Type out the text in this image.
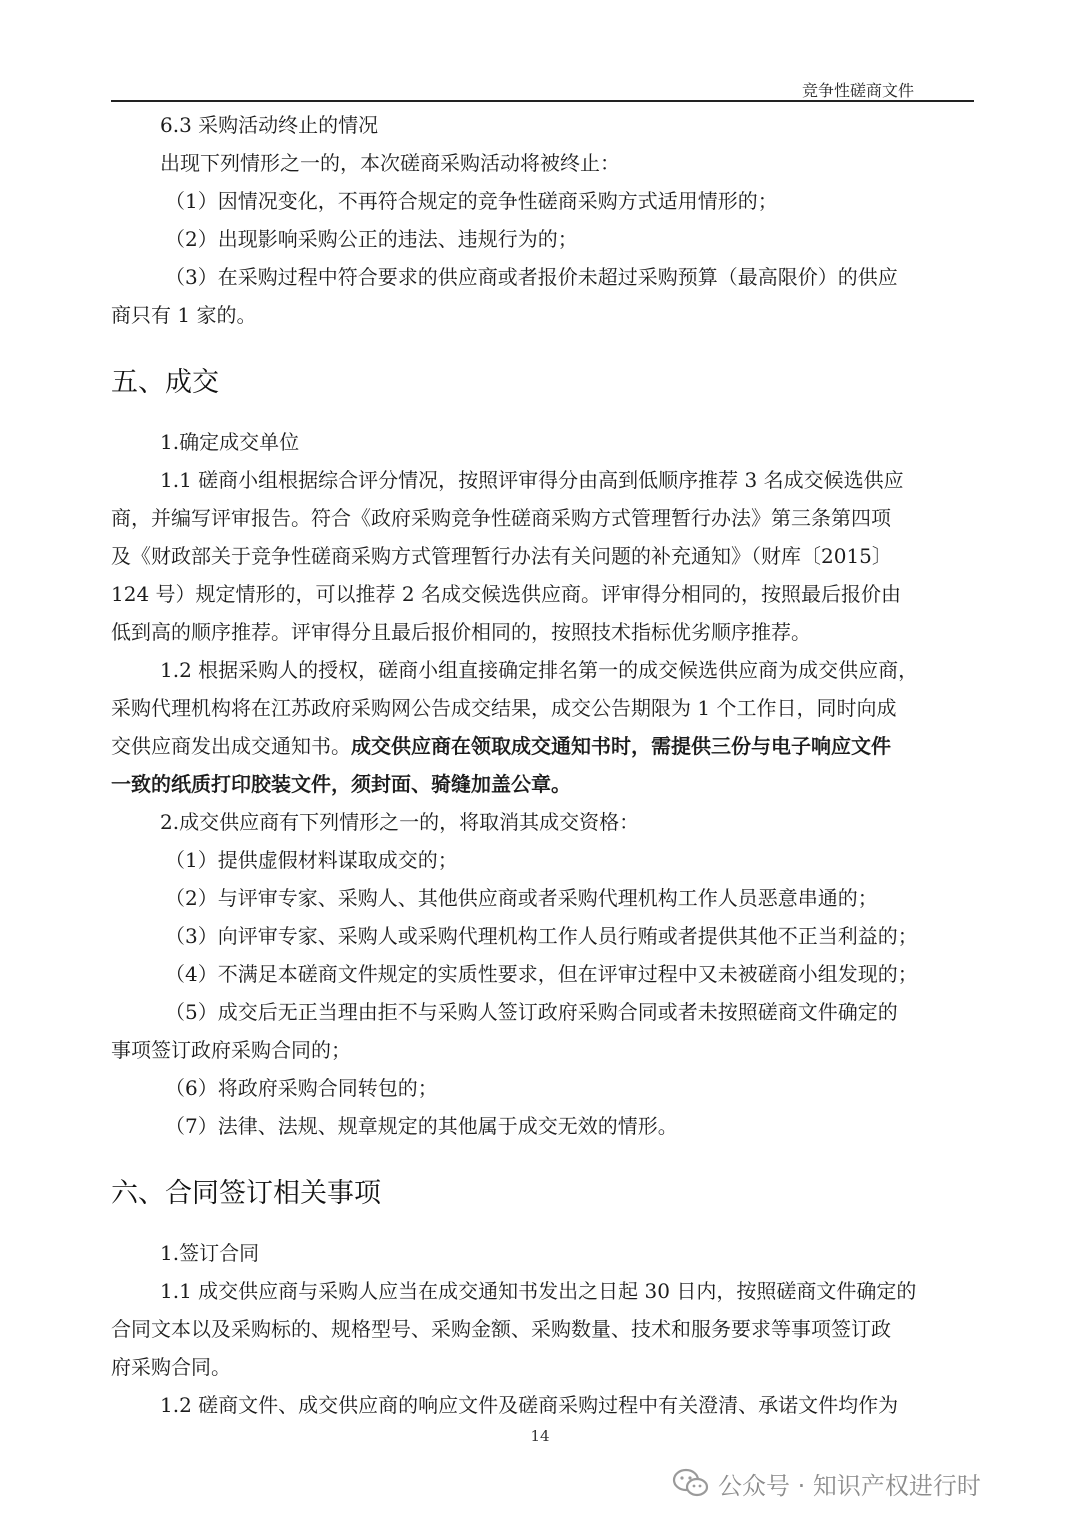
竞争性磋商文件
6.3 采购活动终止的情况
出现下列情形之一的，本次磋商采购活动将被终止：
（1）因情况变化，不再符合规定的竞争性磋商采购方式适用情形的；
（2）出现影响采购公正的违法、违规行为的；
（3）在采购过程中符合要求的供应商或者报价未超过采购预算（最高限价）的供应
商只有 1 家的。
五、成交
1.确定成交单位
1.1 磋商小组根据综合评分情况，按照评审得分由高到低顺序推荐 3 名成交候选供应
商，并编写评审报告。符合《政府采购竞争性磋商采购方式管理暂行办法》第三条第四项
及《财政部关于竞争性磋商采购方式管理暂行办法有关问题的补充通知》（财库〔2015〕
124 号）规定情形的，可以推荐 2 名成交候选供应商。评审得分相同的，按照最后报价由
低到高的顺序推荐。评审得分且最后报价相同的，按照技术指标优劣顺序推荐。
1.2 根据采购人的授权，磋商小组直接确定排名第一的成交候选供应商为成交供应商，
采购代理机构将在江苏政府采购网公告成交结果，成交公告期限为 1 个工作日，同时向成
交供应商发出成交通知书。成交供应商在领取成交通知书时，需提供三份与电子响应文件
一致的纸质打印胶装文件，须封面、骑缝加盖公章。
2.成交供应商有下列情形之一的，将取消其成交资格：
（1）提供虚假材料谋取成交的；
（2）与评审专家、采购人、其他供应商或者采购代理机构工作人员恶意串通的；
（3）向评审专家、采购人或采购代理机构工作人员行贿或者提供其他不正当利益的；
（4）不满足本磋商文件规定的实质性要求，但在评审过程中又未被磋商小组发现的；
（5）成交后无正当理由拒不与采购人签订政府采购合同或者未按照磋商文件确定的
事项签订政府采购合同的；
（6）将政府采购合同转包的；
（7）法律、法规、规章规定的其他属于成交无效的情形。
六、合同签订相关事项
1.签订合同
1.1 成交供应商与采购人应当在成交通知书发出之日起 30 日内，按照磋商文件确定的
合同文本以及采购标的、规格型号、采购金额、采购数量、技术和服务要求等事项签订政
府采购合同。
1.2 磋商文件、成交供应商的响应文件及磋商采购过程中有关澄清、承诺文件均作为
14
公众号 · 知识产权进行时
